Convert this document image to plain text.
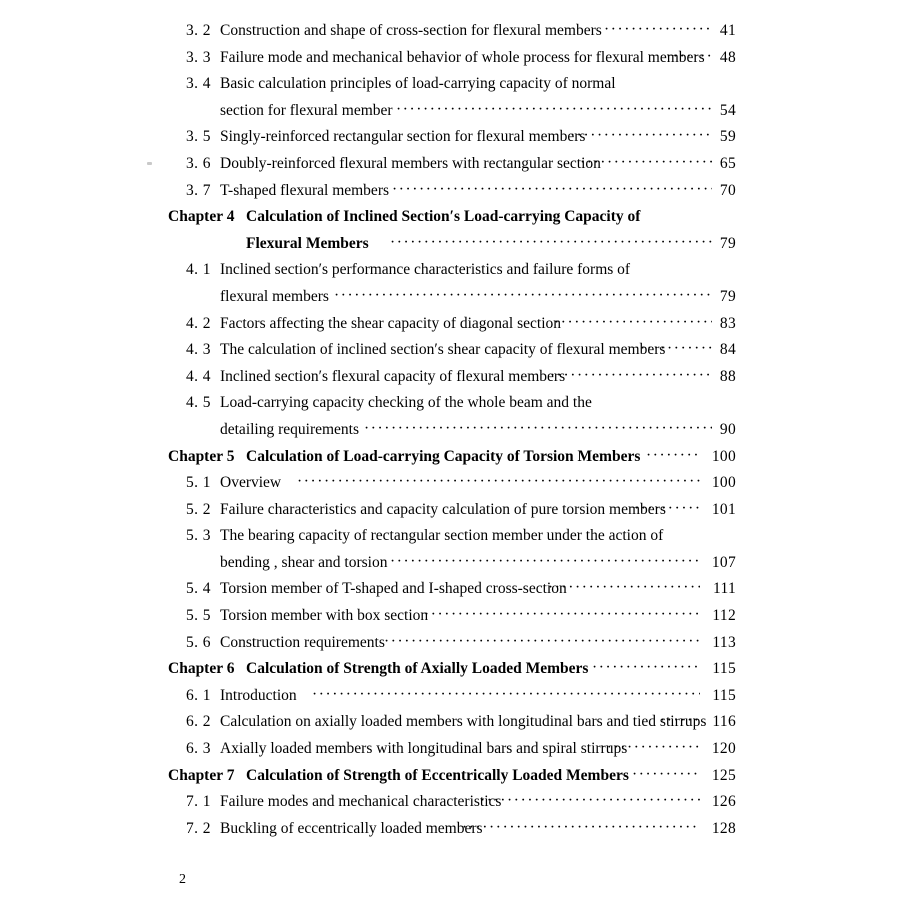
3. 2 Construction and shape of cross-section for flexural members ·····	41
3. 3 Failure mode and mechanical behavior of whole process for flexural members ····· 48
3. 4 Basic calculation principles of load-carrying capacity of normal
section for flexural member ·····	54
3. 5 Singly-reinforced rectangular section for flexural members ·····	59
3. 6 Doubly-reinforced flexural members with rectangular section ·····	65
3. 7 T-shaped flexural members ·····	70
Chapter 4 Calculation of Inclined Section′s Load-carrying Capacity of
Flexural Members ·····	79
4. 1 Inclined section′s performance characteristics and failure forms of
flexural members ·····	79
4. 2 Factors affecting the shear capacity of diagonal section ·····	83
4. 3 The calculation of inclined section′s shear capacity of flexural members ·····	84
4. 4 Inclined section′s flexural capacity of flexural members ·····	88
4. 5 Load-carrying capacity checking of the whole beam and the
detailing requirements ·····	90
Chapter 5 Calculation of Load-carrying Capacity of Torsion Members ·····	100
5. 1 Overview ·····	100
5. 2 Failure characteristics and capacity calculation of pure torsion members ·····	101
5. 3 The bearing capacity of rectangular section member under the action of
bending , shear and torsion ·····	107
5. 4 Torsion member of T-shaped and I-shaped cross-section ·····	111
5. 5 Torsion member with box section ·····	112
5. 6 Construction requirements ·····	113
Chapter 6 Calculation of Strength of Axially Loaded Members ·····	115
6. 1 Introduction ·····	115
6. 2 Calculation on axially loaded members with longitudinal bars and tied stirrups ····· 116
6. 3 Axially loaded members with longitudinal bars and spiral stirrups ·····	120
Chapter 7 Calculation of Strength of Eccentrically Loaded Members ·····	125
7. 1 Failure modes and mechanical characteristics ·····	126
7. 2 Buckling of eccentrically loaded members ·····	128
2
